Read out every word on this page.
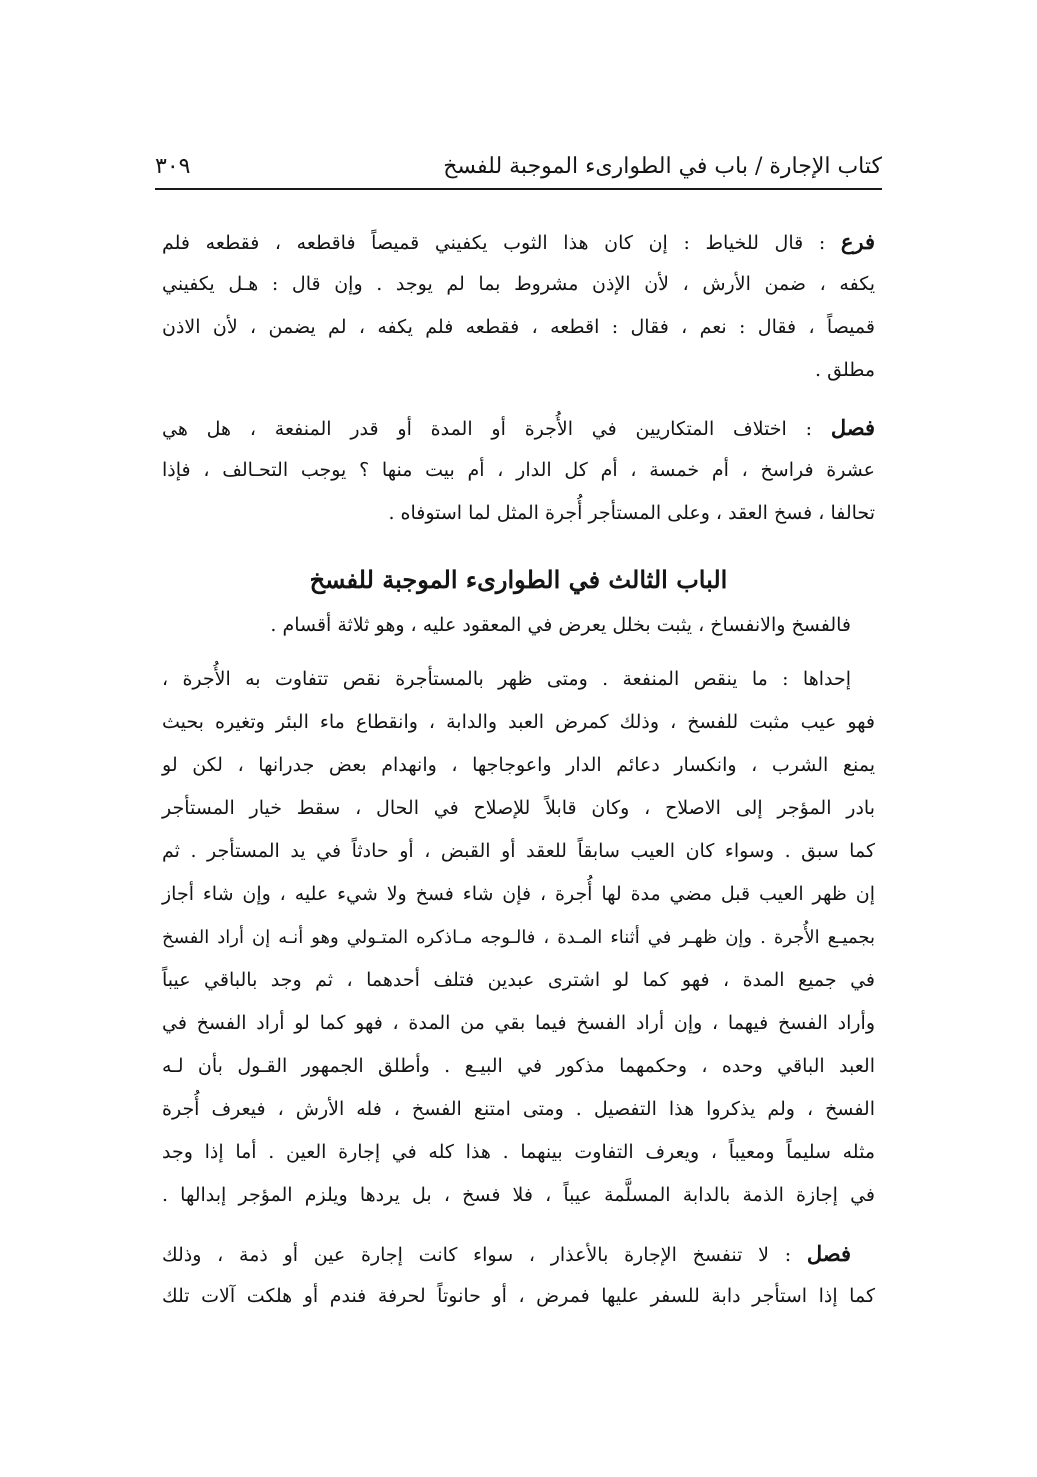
كتاب الإجارة / باب في الطوارىء الموجبة للفسخ
٣٠٩
فرع : قال للخياط : إن كان هذا الثوب يكفيني قميصاً فاقطعه ، فقطعه فلم
يكفه ، ضمن الأرش ، لأن الإذن مشروط بما لم يوجد . وإن قال : هـل يكفيني
قميصاً ، فقال : نعم ، فقال : اقطعه ، فقطعه فلم يكفه ، لم يضمن ، لأن الاذن
مطلق .
فصل : اختلاف المتكاريين في الأُجرة أو المدة أو قدر المنفعة ، هل هي
عشرة فراسخ ، أم خمسة ، أم كل الدار ، أم بيت منها ؟ يوجب التحـالف ، فإذا
تحالفا ، فسخ العقد ، وعلى المستأجر أُجرة المثل لما استوفاه .
الباب الثالث في الطوارىء الموجبة للفسخ
فالفسخ والانفساخ ، يثبت بخلل يعرض في المعقود عليه ، وهو ثلاثة أقسام .
إحداها : ما ينقص المنفعة . ومتى ظهر بالمستأجرة نقص تتفاوت به الأُجرة ،
فهو عيب مثبت للفسخ ، وذلك كمرض العبد والدابة ، وانقطاع ماء البئر وتغيره بحيث
يمنع الشرب ، وانكسار دعائم الدار واعوجاجها ، وانهدام بعض جدرانها ، لكن لو
بادر المؤجر إلى الاصلاح ، وكان قابلاً للإصلاح في الحال ، سقط خيار المستأجر
كما سبق . وسواء كان العيب سابقاً للعقد أو القبض ، أو حادثاً في يد المستأجر . ثم
إن ظهر العيب قبل مضي مدة لها أُجرة ، فإن شاء فسخ ولا شيء عليه ، وإن شاء أجاز
بجميـع الأُجرة . وإن ظهـر في أثناء المـدة ، فالـوجه مـاذكره المتـولي وهو أنـه إن أراد الفسخ
في جميع المدة ، فهو كما لو اشترى عبدين فتلف أحدهما ، ثم وجد بالباقي عيباً
وأراد الفسخ فيهما ، وإن أراد الفسخ فيما بقي من المدة ، فهو كما لو أراد الفسخ في
العبد الباقي وحده ، وحكمهما مذكور في البيـع . وأطلق الجمهور القـول بأن لـه
الفسخ ، ولم يذكروا هذا التفصيل . ومتى امتنع الفسخ ، فله الأرش ، فيعرف أُجرة
مثله سليماً ومعيباً ، ويعرف التفاوت بينهما . هذا كله في إجارة العين . أما إذا وجد
في إجازة الذمة بالدابة المسلَّمة عيباً ، فلا فسخ ، بل يردها ويلزم المؤجر إبدالها .
فصل : لا تنفسخ الإجارة بالأعذار ، سواء كانت إجارة عين أو ذمة ، وذلك
كما إذا استأجر دابة للسفر عليها فمرض ، أو حانوتاً لحرفة فندم أو هلكت آلات تلك
